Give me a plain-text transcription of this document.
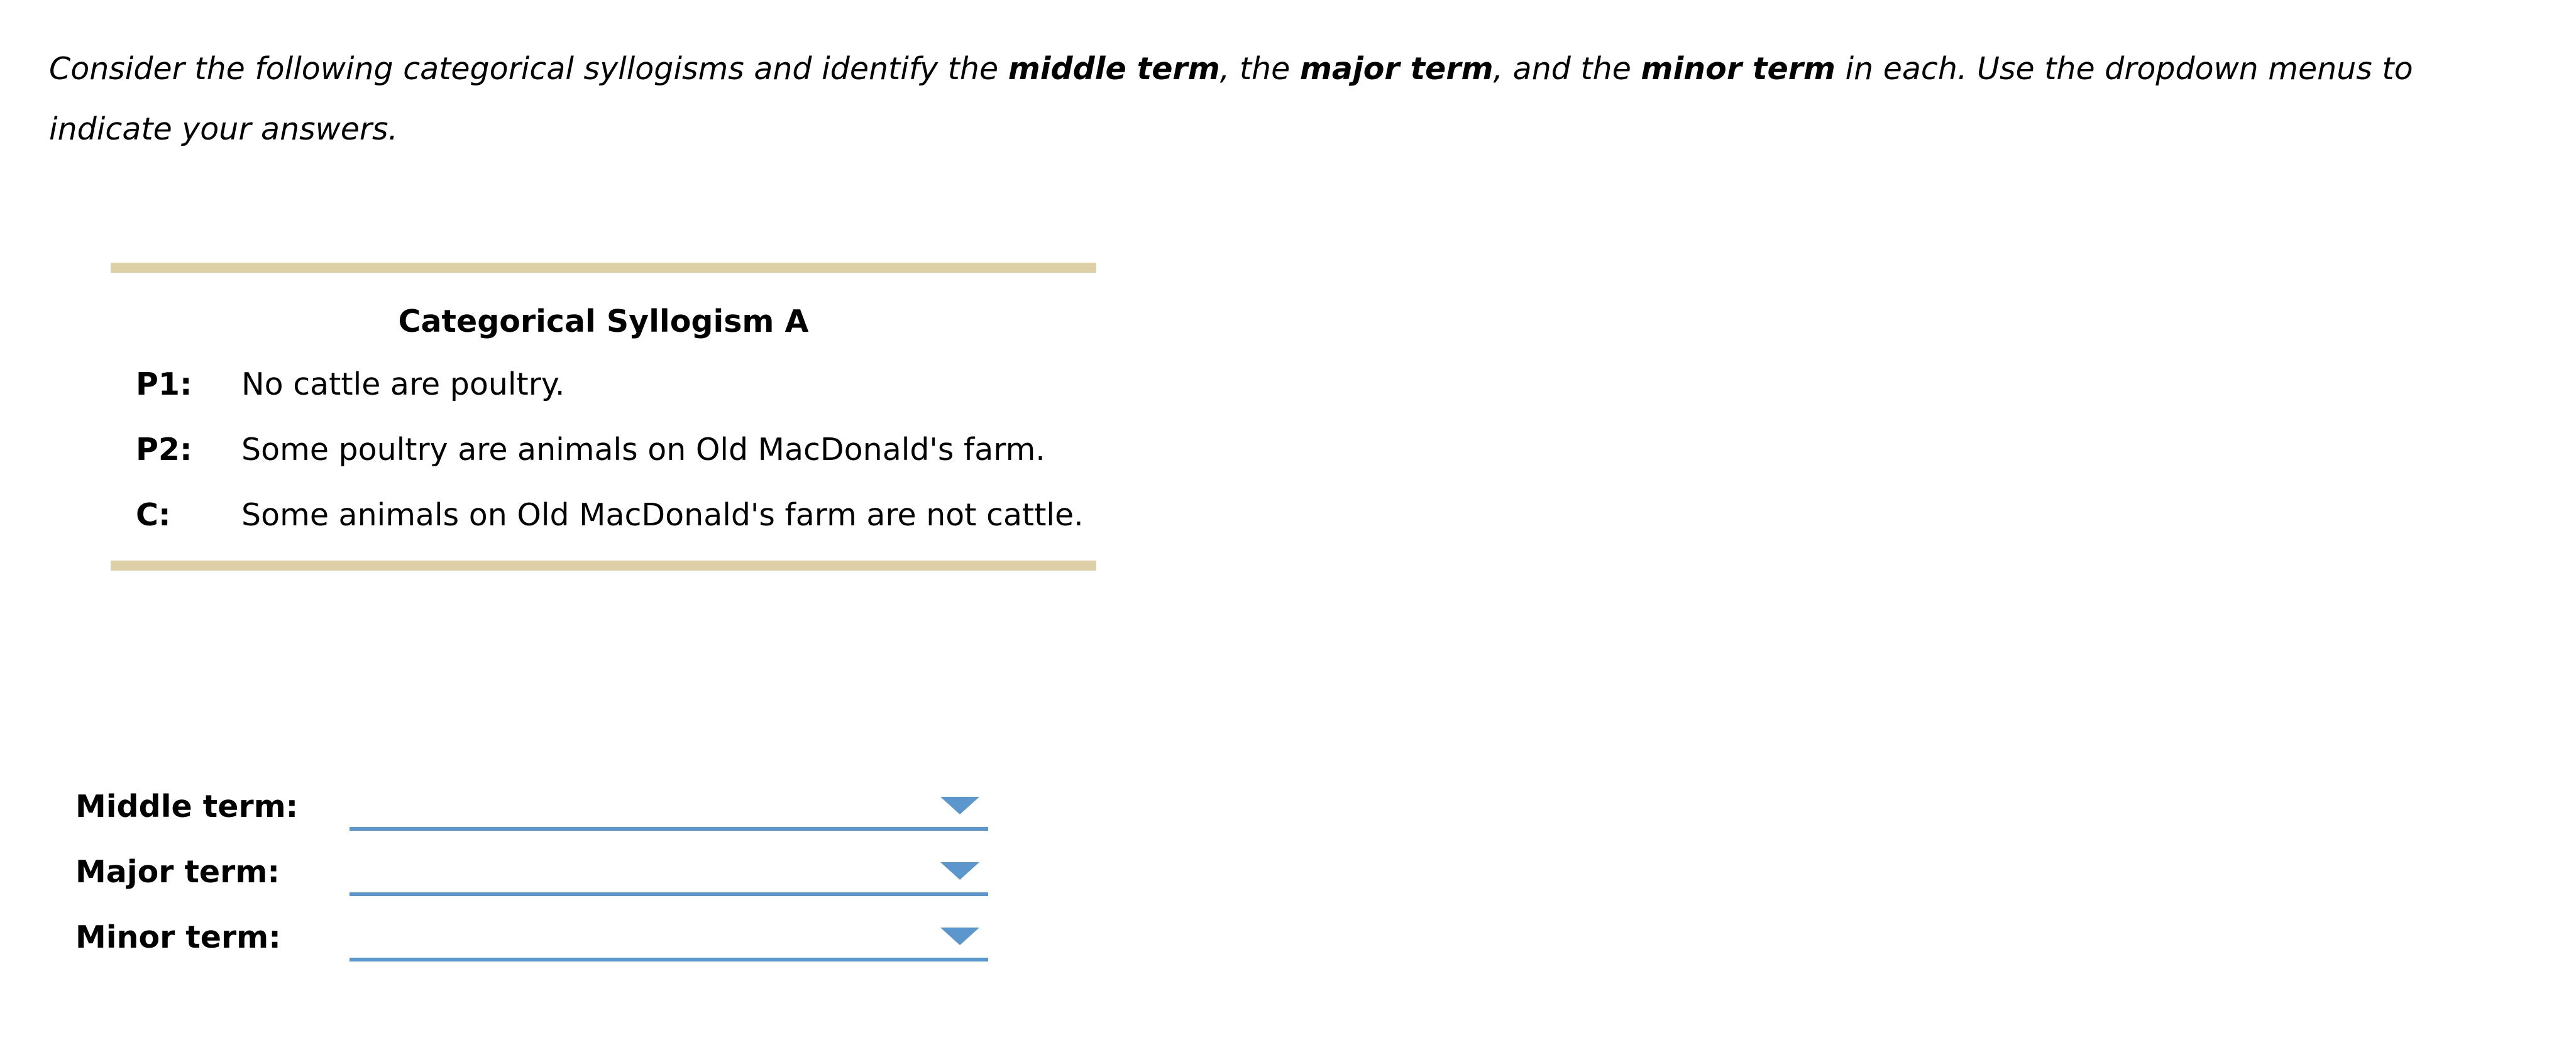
Consider the following categorical syllogisms and identify the middle term, the major term, and the minor term in each. Use the dropdown menus to indicate your answers.
Categorical Syllogism A
P1: No cattle are poultry.
P2: Some poultry are animals on Old MacDonald's farm.
C: Some animals on Old MacDonald's farm are not cattle.
Middle term:
Major term:
Minor term:
